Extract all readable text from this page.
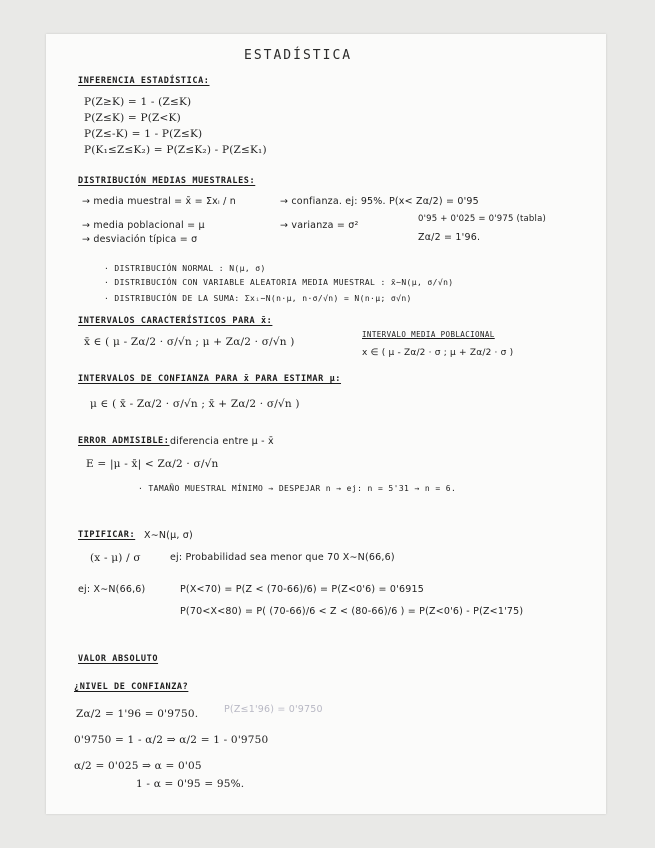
ESTADÍSTICA
INFERENCIA ESTADÍSTICA:
P(Z≥K) = 1 - (Z≤K)
P(Z≤K) = P(Z<K)
P(Z≤-K) = 1 - P(Z≤K)
P(K₁≤Z≤K₂) = P(Z≤K₂) - P(Z≤K₁)
DISTRIBUCIÓN MEDIAS MUESTRALES:
→ media muestral = x̄ = Σxᵢ / n
→ media poblacional = μ
→ desviación típica = σ
→ confianza. ej: 95%. P(x< Zα/2) = 0'95
→ varianza = σ²
0'95 + 0'025 = 0'975 (tabla)
Zα/2 = 1'96.
· DISTRIBUCIÓN NORMAL : N(μ, σ)
· DISTRIBUCIÓN CON VARIABLE ALEATORIA MEDIA MUESTRAL : x̄∼N(μ, σ/√n)
· DISTRIBUCIÓN DE LA SUMA: Σxᵢ∼N(n·μ, n·σ/√n) = N(n·μ; σ√n)
INTERVALOS CARACTERÍSTICOS PARA x̄:
x̄ ∈ ( μ - Zα/2 · σ/√n ; μ + Zα/2 · σ/√n )
INTERVALO MEDIA POBLACIONAL
x ∈ ( μ - Zα/2 · σ ; μ + Zα/2 · σ )
INTERVALOS DE CONFIANZA PARA x̄ PARA ESTIMAR μ:
μ ∈ ( x̄ - Zα/2 · σ/√n ; x̄ + Zα/2 · σ/√n )
ERROR ADMISIBLE: diferencia entre μ - x̄
E = |μ - x̄| < Zα/2 · σ/√n
· TAMAÑO MUESTRAL MÍNIMO → DESPEJAR n → ej: n = 5'31 → n = 6.
TIPIFICAR: X∼N(μ, σ)
(x - μ) / σ	ej: Probabilidad sea menor que 70 X∼N(66,6)
ej: X∼N(66,6)	P(X<70) = P(Z < (70-66)/6) = P(Z<0'6) = 0'6915
P(70<X<80) = P( (70-66)/6 < Z < (80-66)/6 ) = P(Z<0'6) - P(Z<1'75)
VALOR ABSOLUTO
¿NIVEL DE CONFIANZA?
Zα/2 = 1'96 = 0'9750.	P(Z≤1'96) = 0'9750
0'9750 = 1 - α/2 ⇒ α/2 = 1 - 0'9750
α/2 = 0'025 ⇒ α = 0'05
1 - α = 0'95 = 95%.
